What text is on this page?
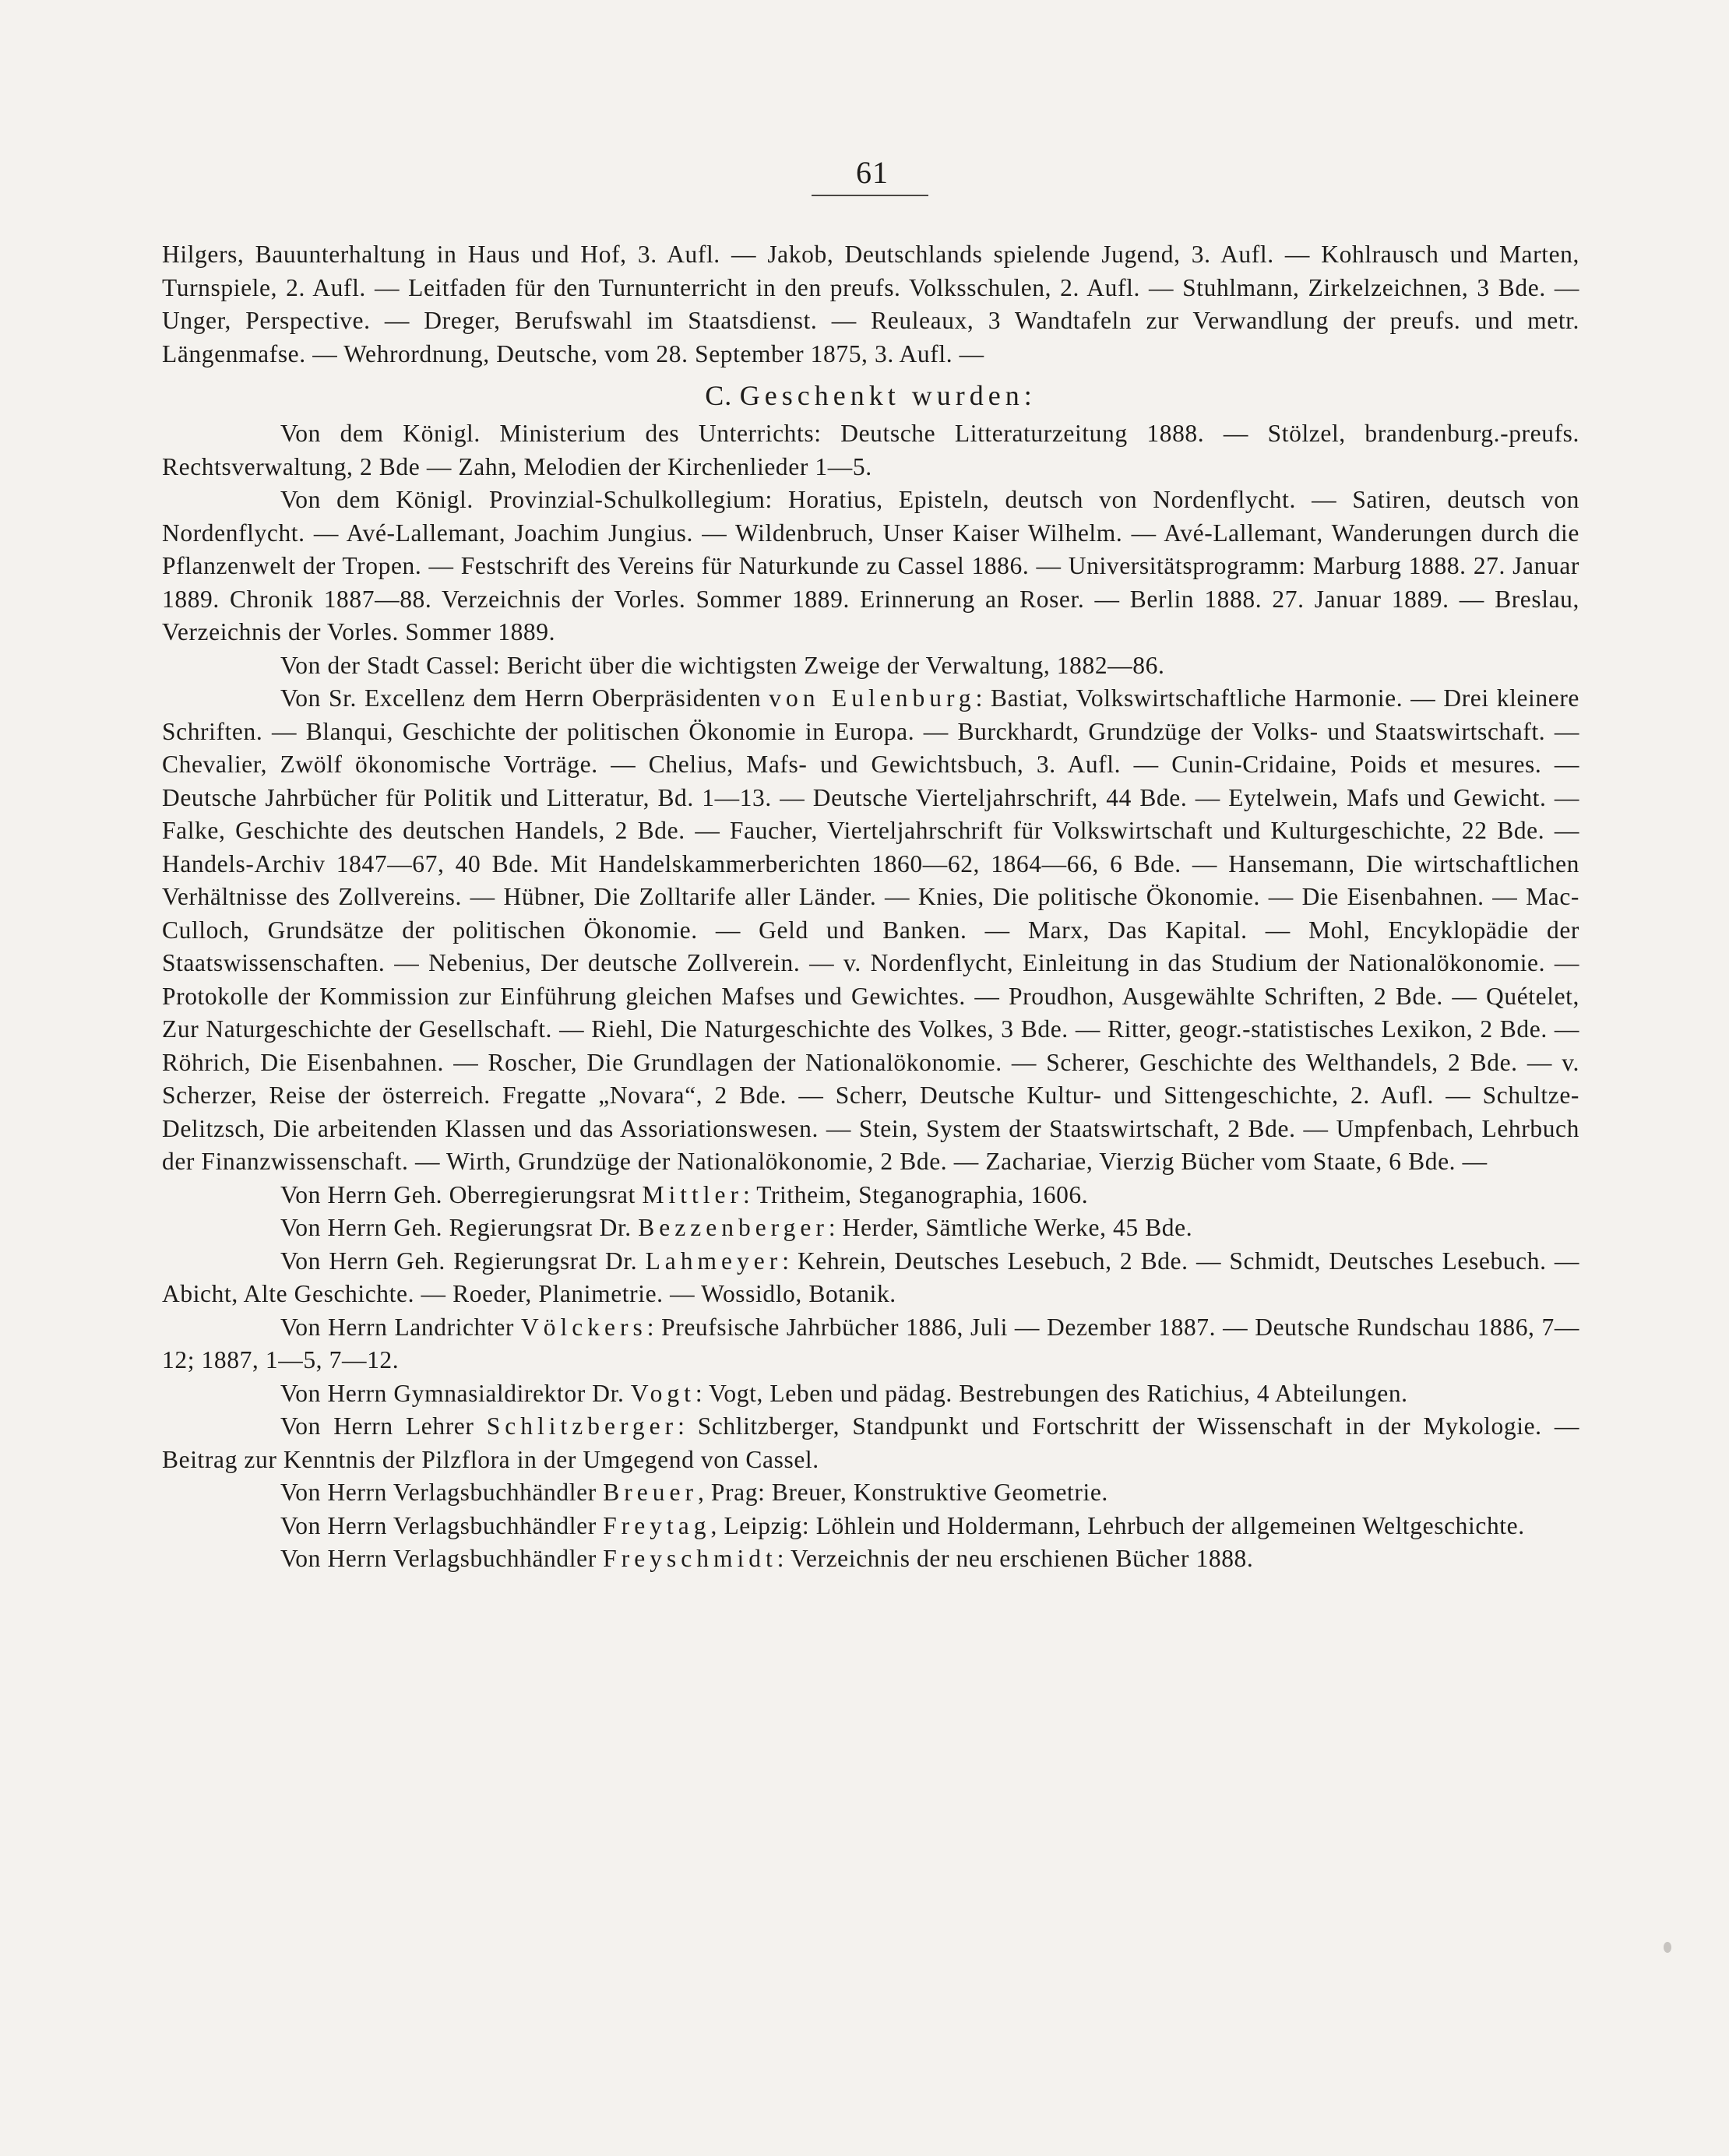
61

Hilgers, Bauunterhaltung in Haus und Hof, 3. Aufl. — Jakob, Deutschlands spielende Jugend, 3. Aufl. — Kohlrausch und Marten, Turnspiele, 2. Aufl. — Leitfaden für den Turnunterricht in den preufs. Volksschulen, 2. Aufl. — Stuhlmann, Zirkelzeichnen, 3 Bde. — Unger, Perspective. — Dreger, Berufswahl im Staatsdienst. — Reuleaux, 3 Wandtafeln zur Verwandlung der preufs. und metr. Längenmafse. — Wehrordnung, Deutsche, vom 28. September 1875, 3. Aufl. —

C. Geschenkt wurden:

Von dem Königl. Ministerium des Unterrichts: Deutsche Litteraturzeitung 1888. — Stölzel, brandenburg.-preufs. Rechtsverwaltung, 2 Bde — Zahn, Melodien der Kirchenlieder 1—5.

Von dem Königl. Provinzial-Schulkollegium: Horatius, Episteln, deutsch von Nordenflycht. — Satiren, deutsch von Nordenflycht. — Avé-Lallemant, Joachim Jungius. — Wildenbruch, Unser Kaiser Wilhelm. — Avé-Lallemant, Wanderungen durch die Pflanzenwelt der Tropen. — Festschrift des Vereins für Naturkunde zu Cassel 1886. — Universitätsprogramm: Marburg 1888. 27. Januar 1889. Chronik 1887—88. Verzeichnis der Vorles. Sommer 1889. Erinnerung an Roser. — Berlin 1888. 27. Januar 1889. — Breslau, Verzeichnis der Vorles. Sommer 1889.

Von der Stadt Cassel: Bericht über die wichtigsten Zweige der Verwaltung, 1882—86.

Von Sr. Excellenz dem Herrn Oberpräsidenten von Eulenburg: Bastiat, Volkswirtschaftliche Harmonie. — Drei kleinere Schriften. — Blanqui, Geschichte der politischen Ökonomie in Europa. — Burckhardt, Grundzüge der Volks- und Staatswirtschaft. — Chevalier, Zwölf ökonomische Vorträge. — Chelius, Mafs- und Gewichtsbuch, 3. Aufl. — Cunin-Cridaine, Poids et mesures. — Deutsche Jahrbücher für Politik und Litteratur, Bd. 1—13. — Deutsche Vierteljahrschrift, 44 Bde. — Eytelwein, Mafs und Gewicht. — Falke, Geschichte des deutschen Handels, 2 Bde. — Faucher, Vierteljahrschrift für Volkswirtschaft und Kulturgeschichte, 22 Bde. — Handels-Archiv 1847—67, 40 Bde. Mit Handelskammerberichten 1860—62, 1864—66, 6 Bde. — Hansemann, Die wirtschaftlichen Verhältnisse des Zollvereins. — Hübner, Die Zolltarife aller Länder. — Knies, Die politische Ökonomie. — Die Eisenbahnen. — Mac-Culloch, Grundsätze der politischen Ökonomie. — Geld und Banken. — Marx, Das Kapital. — Mohl, Encyklopädie der Staatswissenschaften. — Nebenius, Der deutsche Zollverein. — v. Nordenflycht, Einleitung in das Studium der Nationalökonomie. — Protokolle der Kommission zur Einführung gleichen Mafses und Gewichtes. — Proudhon, Ausgewählte Schriften, 2 Bde. — Quételet, Zur Naturgeschichte der Gesellschaft. — Riehl, Die Naturgeschichte des Volkes, 3 Bde. — Ritter, geogr.-statistisches Lexikon, 2 Bde. — Röhrich, Die Eisenbahnen. — Roscher, Die Grundlagen der Nationalökonomie. — Scherer, Geschichte des Welthandels, 2 Bde. — v. Scherzer, Reise der österreich. Fregatte „Novara“, 2 Bde. — Scherr, Deutsche Kultur- und Sittengeschichte, 2. Aufl. — Schultze-Delitzsch, Die arbeitenden Klassen und das Assoriationswesen. — Stein, System der Staatswirtschaft, 2 Bde. — Umpfenbach, Lehrbuch der Finanzwissenschaft. — Wirth, Grundzüge der Nationalökonomie, 2 Bde. — Zachariae, Vierzig Bücher vom Staate, 6 Bde. —

Von Herrn Geh. Oberregierungsrat Mittler: Tritheim, Steganographia, 1606.

Von Herrn Geh. Regierungsrat Dr. Bezzenberger: Herder, Sämtliche Werke, 45 Bde.

Von Herrn Geh. Regierungsrat Dr. Lahmeyer: Kehrein, Deutsches Lesebuch, 2 Bde. — Schmidt, Deutsches Lesebuch. — Abicht, Alte Geschichte. — Roeder, Planimetrie. — Wossidlo, Botanik.

Von Herrn Landrichter Völckers: Preufsische Jahrbücher 1886, Juli — Dezember 1887. — Deutsche Rundschau 1886, 7—12; 1887, 1—5, 7—12.

Von Herrn Gymnasialdirektor Dr. Vogt: Vogt, Leben und pädag. Bestrebungen des Ratichius, 4 Abteilungen.

Von Herrn Lehrer Schlitzberger: Schlitzberger, Standpunkt und Fortschritt der Wissenschaft in der Mykologie. — Beitrag zur Kenntnis der Pilzflora in der Umgegend von Cassel.

Von Herrn Verlagsbuchhändler Breuer, Prag: Breuer, Konstruktive Geometrie.

Von Herrn Verlagsbuchhändler Freytag, Leipzig: Löhlein und Holdermann, Lehrbuch der allgemeinen Weltgeschichte.

Von Herrn Verlagsbuchhändler Freyschmidt: Verzeichnis der neu erschienen Bücher 1888.
